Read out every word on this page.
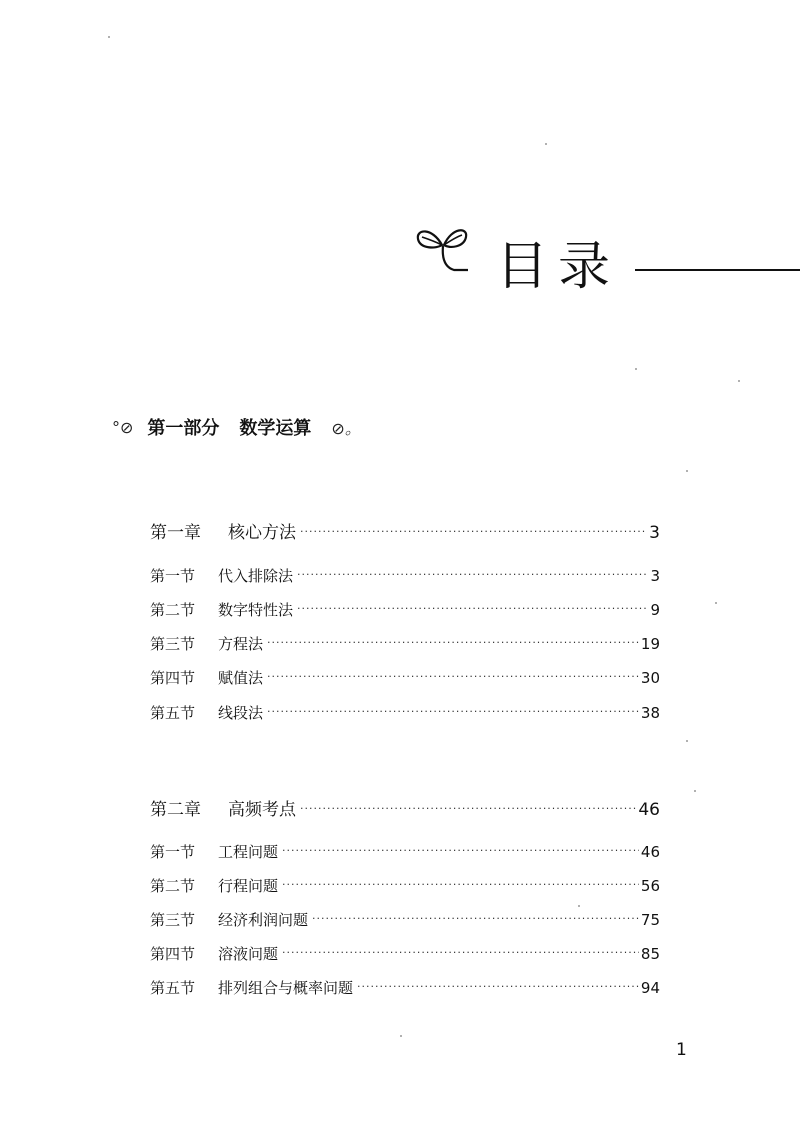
目录
°⊘ 第一部分 数学运算 ⊘。
第一章	核心方法 ·····	3
第一节	代入排除法 ·····	3
第二节	数字特性法 ·····	9
第三节	方程法 ·····	19
第四节	赋值法 ·····	30
第五节	线段法 ·····	38
第二章	高频考点 ·····	46
第一节	工程问题 ·····	46
第二节	行程问题 ·····	56
第三节	经济利润问题 ·····	75
第四节	溶液问题 ·····	85
第五节	排列组合与概率问题 ·····	94
1
